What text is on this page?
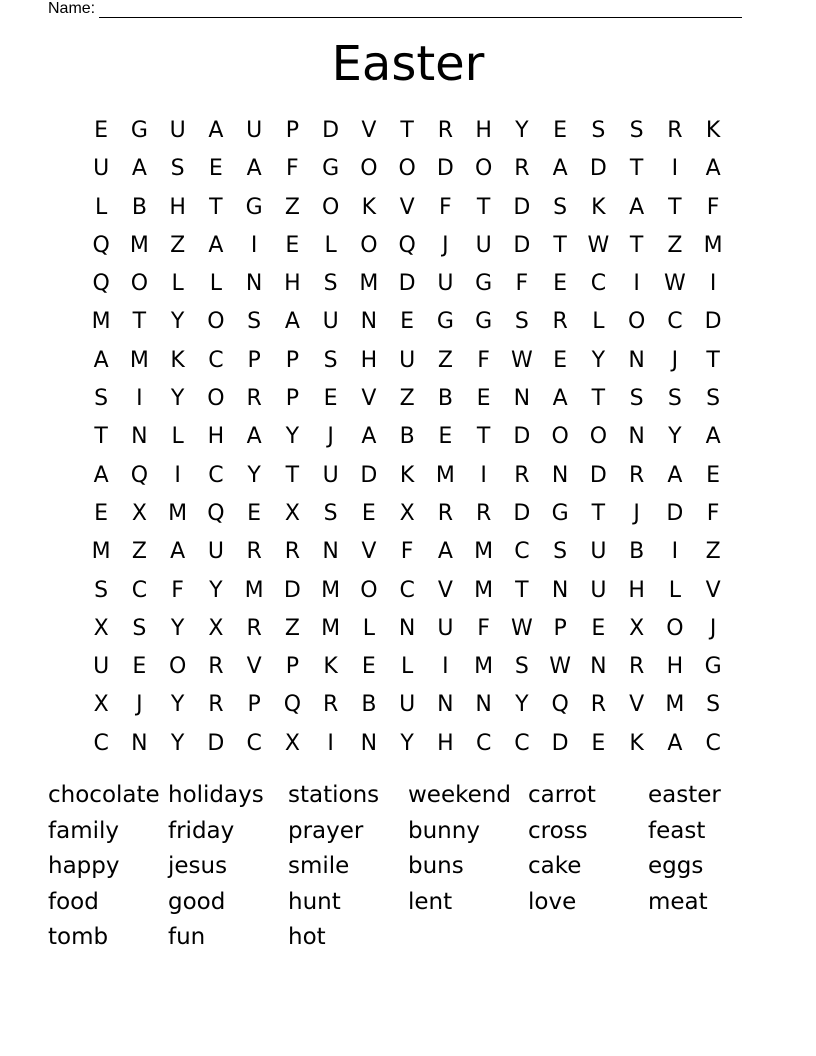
Name:
Easter
E	G U	A	U	P	D	V	T	R	H	Y	E	S	S	R	K
U	A	S	E	A	F	G O O D O R	A	D	T	I	A
L	B	H	T	G	Z	O	K	V	F	T	D	S	K	A	T	F
Q M Z	A	I	E	L	O Q	J	U D	T W T	Z M
Q O	L	L	N H	S M D U G	F	E	C	I	W	I
M	T	Y	O	S	A	U N	E	G G	S	R	L	O C	D
A M K	C	P	P	S	H U	Z	F W E	Y	N	J	T
S	I	Y	O R	P	E	V	Z	B	E	N	A	T	S	S	S
T	N	L	H	A	Y	J	A	B	E	T	D O O N	Y	A
A	Q	I	C	Y	T	U D	K M	I	R	N D	R	A	E
E	X M Q	E	X	S	E	X	R	R	D G	T	J	D	F
M Z	A	U	R	R	N	V	F	A M C	S	U	B	I	Z
S	C	F	Y	M D M O C	V M	T	N U H	L	V
X	S	Y	X	R	Z M	L	N U	F W P	E	X	O	J
U	E	O R	V	P	K	E	L	I	M S W N	R	H G
X	J	Y	R	P	Q R	B	U N N	Y	Q R	V M S
C	N	Y	D	C	X	I	N	Y	H	C	C	D	E	K	A	C
chocolate holidays	stations	weekend carrot	easter
family	friday	prayer	bunny	cross	feast
happy	jesus	smile	buns	cake	eggs
food	good	hunt	lent	love	meat
tomb	fun	hot
